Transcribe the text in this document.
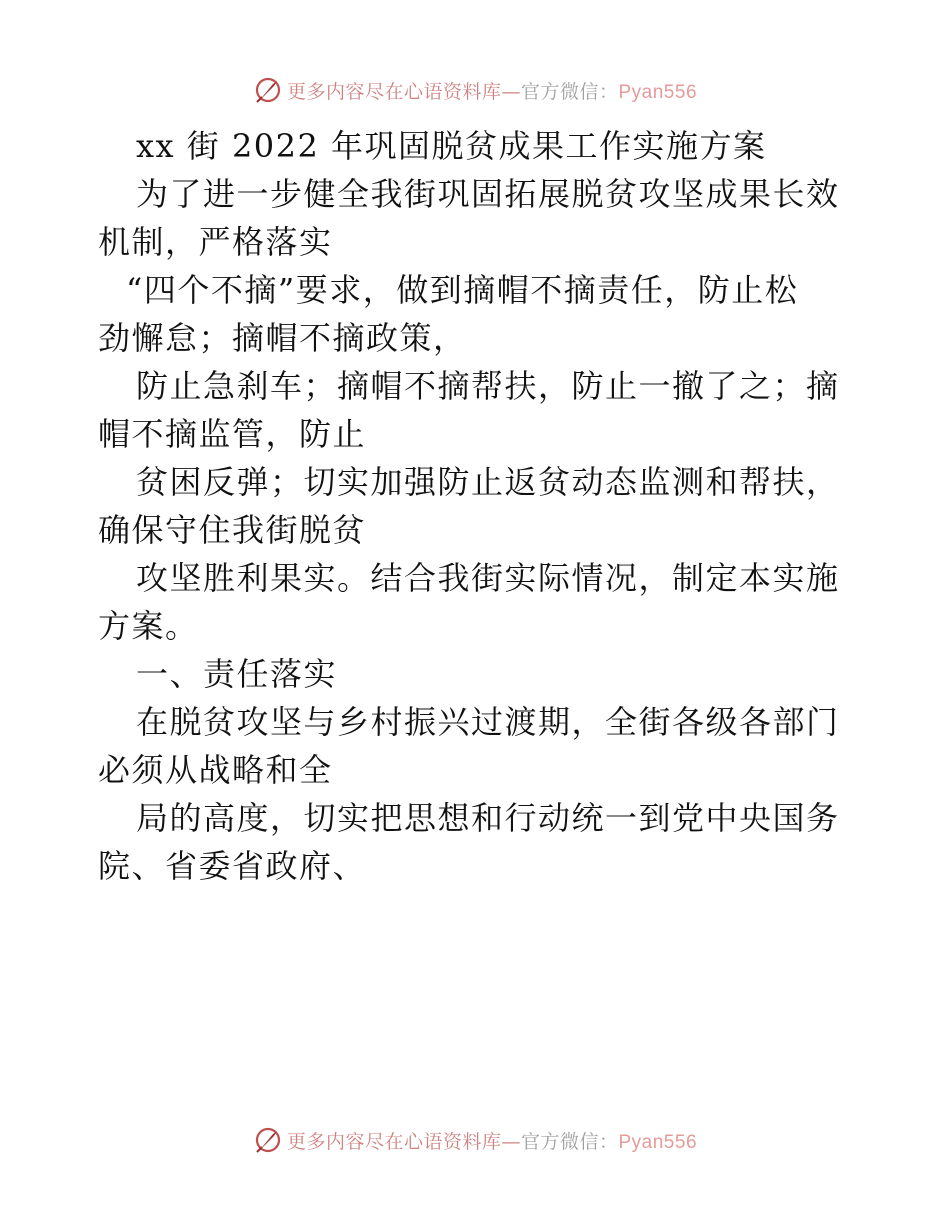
更多内容尽在心语资料库—官方微信：Pyan556

xx 街 2022 年巩固脱贫成果工作实施方案

为了进一步健全我街巩固拓展脱贫攻坚成果长效

机制，严格落实

“四个不摘”要求，做到摘帽不摘责任，防止松

劲懈怠；摘帽不摘政策，

防止急刹车；摘帽不摘帮扶，防止一撤了之；摘

帽不摘监管，防止

贫困反弹；切实加强防止返贫动态监测和帮扶，

确保守住我街脱贫

攻坚胜利果实。结合我街实际情况，制定本实施

方案。

一、责任落实

在脱贫攻坚与乡村振兴过渡期，全街各级各部门

必须从战略和全

局的高度，切实把思想和行动统一到党中央国务

院、省委省政府、

更多内容尽在心语资料库—官方微信：Pyan556
